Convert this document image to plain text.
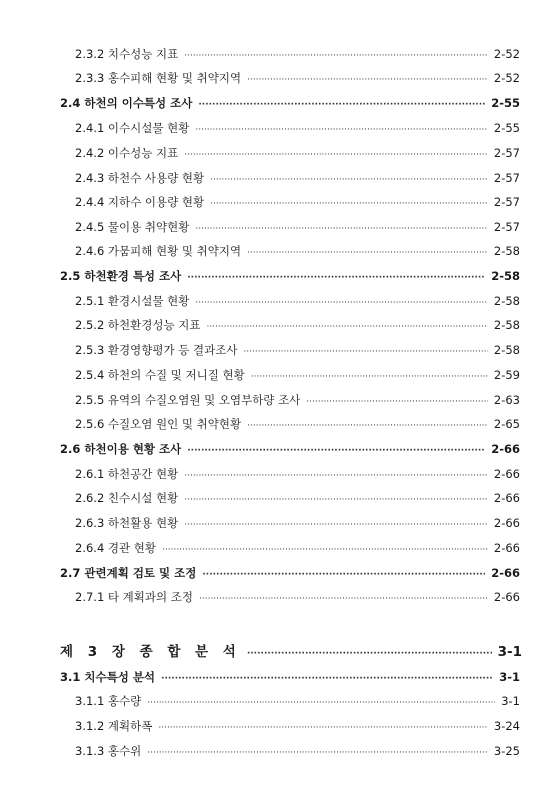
2.3.2 치수성능 지표 ·····	2-52
2.3.3 홍수피해 현황 및 취약지역 ·····	2-52
2.4 하천의 이수특성 조사 ·····	2-55
2.4.1 이수시설물 현황 ·····	2-55
2.4.2 이수성능 지표 ·····	2-57
2.4.3 하천수 사용량 현황 ·····	2-57
2.4.4 지하수 이용량 현황 ·····	2-57
2.4.5 물이용 취약현황 ·····	2-57
2.4.6 가뭄피해 현황 및 취약지역 ·····	2-58
2.5 하천환경 특성 조사 ·····	2-58
2.5.1 환경시설물 현황 ·····	2-58
2.5.2 하천환경성능 지표 ·····	2-58
2.5.3 환경영향평가 등 결과조사 ·····	2-58
2.5.4 하천의 수질 및 저니질 현황 ·····	2-59
2.5.5 유역의 수질오염원 및 오염부하량 조사 ·····	2-63
2.5.6 수질오염 원인 및 취약현황 ·····	2-65
2.6 하천이용 현황 조사 ·····	2-66
2.6.1 하천공간 현황 ·····	2-66
2.6.2 친수시설 현황 ·····	2-66
2.6.3 하천활용 현황 ·····	2-66
2.6.4 경관 현황 ·····	2-66
2.7 관련계획 검토 및 조정 ·····	2-66
2.7.1 타 계획과의 조정 ·····	2-66
제 3 장 종 합 분 석 ·····	3-1
3.1 치수특성 분석 ·····	3-1
3.1.1 홍수량 ·····	3-1
3.1.2 계획하폭 ·····	3-24
3.1.3 홍수위 ·····	3-25
